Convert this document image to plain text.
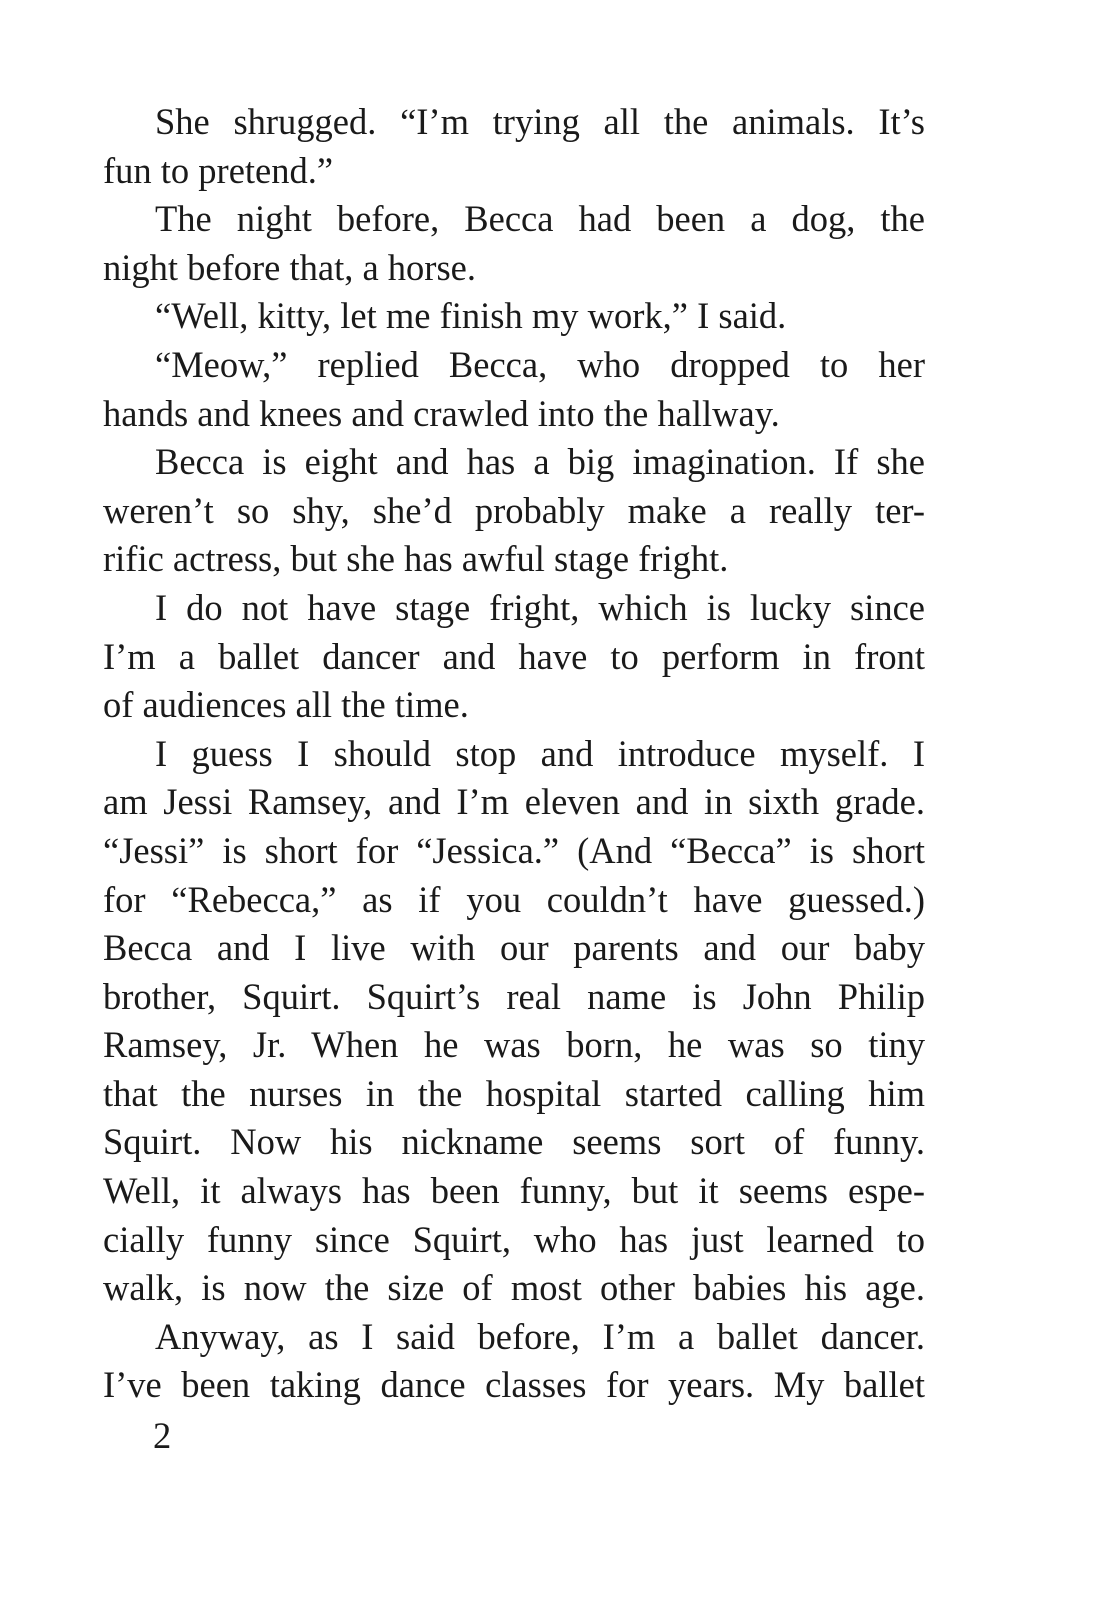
She shrugged. “I’m trying all the animals. It’s
fun to pretend.”
The night before, Becca had been a dog, the
night before that, a horse.
“Well, kitty, let me finish my work,” I said.
“Meow,” replied Becca, who dropped to her
hands and knees and crawled into the hallway.
Becca is eight and has a big imagination. If she
weren’t so shy, she’d probably make a really ter-
rific actress, but she has awful stage fright.
I do not have stage fright, which is lucky since
I’m a ballet dancer and have to perform in front
of audiences all the time.
I guess I should stop and introduce myself. I
am Jessi Ramsey, and I’m eleven and in sixth grade.
“Jessi” is short for “Jessica.” (And “Becca” is short
for “Rebecca,” as if you couldn’t have guessed.)
Becca and I live with our parents and our baby
brother, Squirt. Squirt’s real name is John Philip
Ramsey, Jr. When he was born, he was so tiny
that the nurses in the hospital started calling him
Squirt. Now his nickname seems sort of funny.
Well, it always has been funny, but it seems espe-
cially funny since Squirt, who has just learned to
walk, is now the size of most other babies his age.
Anyway, as I said before, I’m a ballet dancer.
I’ve been taking dance classes for years. My ballet
2
